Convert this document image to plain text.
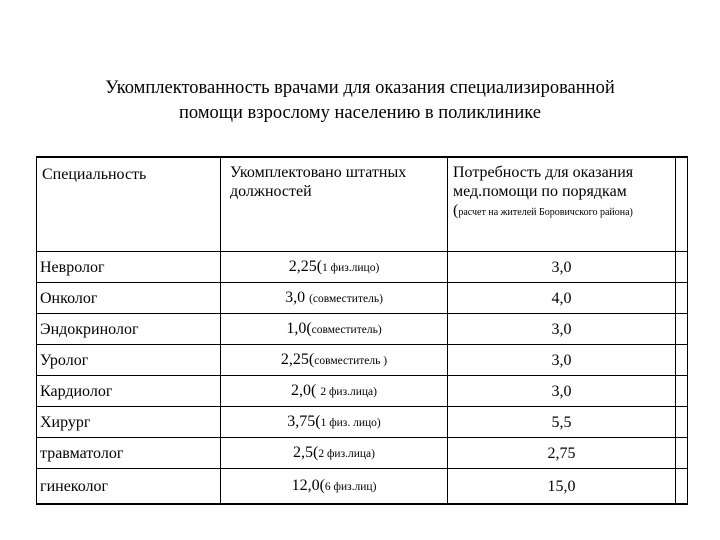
Укомплектованность врачами для оказания специализированной
помощи взрослому населению в поликлинике
Специальность	Укомплектовано штатных должностей	Потребность для оказания мед.помощи по порядкам
(расчет на жителей Боровичского района)	
Невролог	2,25(1 физ.лицо)	3,0	
Онколог	3,0 (совместитель)	4,0	
Эндокринолог	1,0(совместитель)	3,0	
Уролог	2,25(совместитель )	3,0	
Кардиолог	2,0( 2 физ.лица)	3,0	
Хирург	3,75(1 физ. лицо)	5,5	
травматолог	2,5(2 физ.лица)	2,75	
гинеколог	12,0(6 физ.лиц)	15,0	
